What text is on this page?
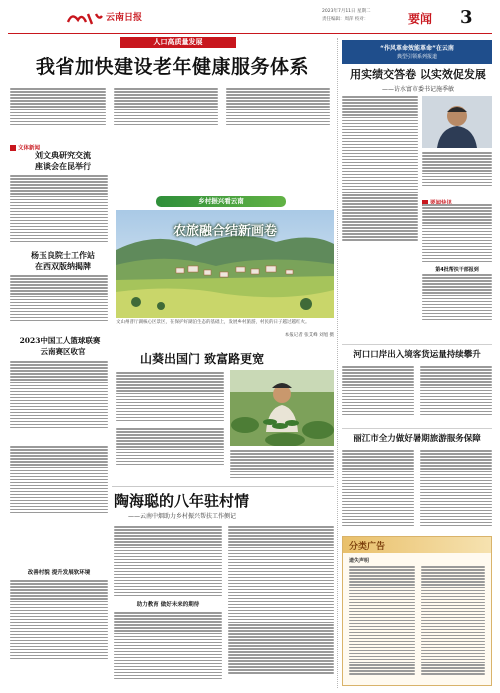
云南日报
2023年7月11日 星期二
责任编辑：周萍 校对：	要闻	3
人口高质量发展
我省加快建设老年健康服务体系
文体新闻
刘文典研究交流
座谈会在昆举行
杨玉良院士工作站
在西双版纳揭牌
2023中国工人篮球联赛
云南赛区收官
乡村振兴看云南
农旅融合结新画卷
文山州普厅湖核心区景区，在保护好湖泊生态的基础上，发展乡村旅游，村民的日子越过越红火。
本报记者 张艾峰 刘旭 摄
山葵出国门 致富路更宽
陶海聪的八年驻村情
——云南中烟助力乡村振兴帮扶工作侧记
改善村貌 提升发展软环境
助力教育 做好未来的期待
“作风革命效能革命”在云南
典型引领系列报道
用实绩交答卷 以实效促发展
——访水富市委书记施季敏
第4批帮扶干部报到
河口口岸出入境客货运量持续攀升
丽江市全力做好暑期旅游服务保障
分类广告
遗失声明
